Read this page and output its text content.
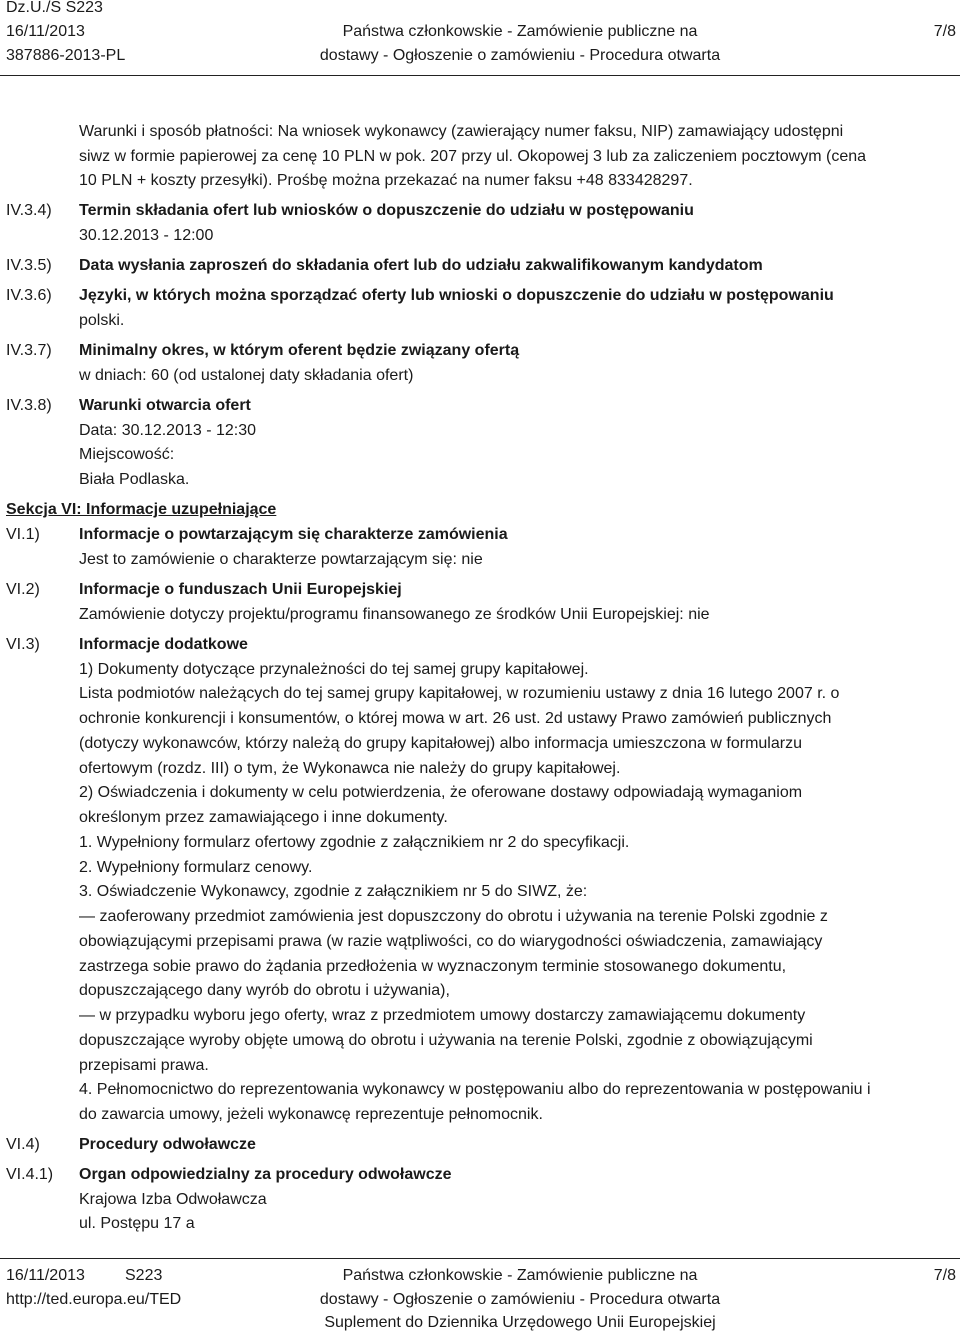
Dz.U./S S223
16/11/2013
387886-2013-PL
Państwa członkowskie - Zamówienie publiczne na
dostawy - Ogłoszenie o zamówieniu - Procedura otwarta
7/8
Warunki i sposób płatności: Na wniosek wykonawcy (zawierający numer faksu, NIP) zamawiający udostępni
siwz w formie papierowej za cenę 10 PLN w pok. 207 przy ul. Okopowej 3 lub za zaliczeniem pocztowym (cena
10 PLN + koszty przesyłki). Prośbę można przekazać na numer faksu +48 833428297.
IV.3.4) Termin składania ofert lub wniosków o dopuszczenie do udziału w postępowaniu
30.12.2013 - 12:00
IV.3.5) Data wysłania zaproszeń do składania ofert lub do udziału zakwalifikowanym kandydatom
IV.3.6) Języki, w których można sporządzać oferty lub wnioski o dopuszczenie do udziału w postępowaniu
polski.
IV.3.7) Minimalny okres, w którym oferent będzie związany ofertą
w dniach: 60 (od ustalonej daty składania ofert)
IV.3.8) Warunki otwarcia ofert
Data: 30.12.2013 - 12:30
Miejscowość:
Biała Podlaska.
Sekcja VI: Informacje uzupełniające
VI.1) Informacje o powtarzającym się charakterze zamówienia
Jest to zamówienie o charakterze powtarzającym się: nie
VI.2) Informacje o funduszach Unii Europejskiej
Zamówienie dotyczy projektu/programu finansowanego ze środków Unii Europejskiej: nie
VI.3) Informacje dodatkowe
1) Dokumenty dotyczące przynależności do tej samej grupy kapitałowej.
Lista podmiotów należących do tej samej grupy kapitałowej, w rozumieniu ustawy z dnia 16 lutego 2007 r. o
ochronie konkurencji i konsumentów, o której mowa w art. 26 ust. 2d ustawy Prawo zamówień publicznych
(dotyczy wykonawców, którzy należą do grupy kapitałowej) albo informacja umieszczona w formularzu
ofertowym (rozdz. III) o tym, że Wykonawca nie należy do grupy kapitałowej.
2) Oświadczenia i dokumenty w celu potwierdzenia, że oferowane dostawy odpowiadają wymaganiom
określonym przez zamawiającego i inne dokumenty.
1. Wypełniony formularz ofertowy zgodnie z załącznikiem nr 2 do specyfikacji.
2. Wypełniony formularz cenowy.
3. Oświadczenie Wykonawcy, zgodnie z załącznikiem nr 5 do SIWZ, że:
— zaoferowany przedmiot zamówienia jest dopuszczony do obrotu i używania na terenie Polski zgodnie z
obowiązującymi przepisami prawa (w razie wątpliwości, co do wiarygodności oświadczenia, zamawiający
zastrzega sobie prawo do żądania przedłożenia w wyznaczonym terminie stosowanego dokumentu,
dopuszczającego dany wyrób do obrotu i używania),
— w przypadku wyboru jego oferty, wraz z przedmiotem umowy dostarczy zamawiającemu dokumenty
dopuszczające wyroby objęte umową do obrotu i używania na terenie Polski, zgodnie z obowiązującymi
przepisami prawa.
4. Pełnomocnictwo do reprezentowania wykonawcy w postępowaniu albo do reprezentowania w postępowaniu i
do zawarcia umowy, jeżeli wykonawcę reprezentuje pełnomocnik.
VI.4) Procedury odwoławcze
VI.4.1) Organ odpowiedzialny za procedury odwoławcze
Krajowa Izba Odwoławcza
ul. Postępu 17 a
16/11/2013	S223
http://ted.europa.eu/TED
Państwa członkowskie - Zamówienie publiczne na
dostawy - Ogłoszenie o zamówieniu - Procedura otwarta
Suplement do Dziennika Urzędowego Unii Europejskiej
7/8
